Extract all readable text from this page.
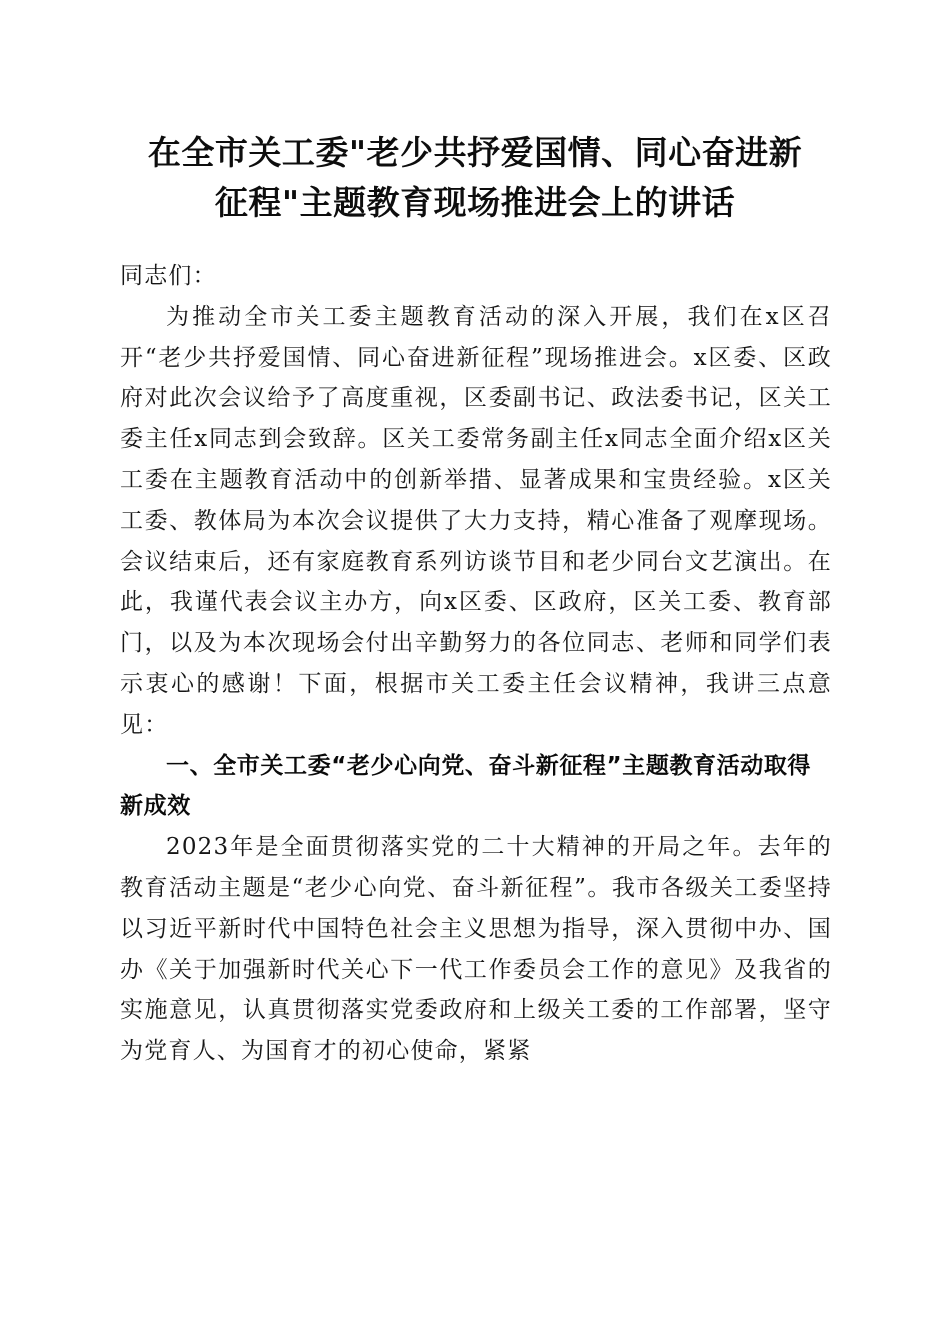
在全市关工委"老少共抒爱国情、同心奋进新
征程"主题教育现场推进会上的讲话

同志们：

为推动全市关工委主题教育活动的深入开展，我们在x区召开“老少共抒爱国情、同心奋进新征程”现场推进会。x区委、区政府对此次会议给予了高度重视，区委副书记、政法委书记，区关工委主任x同志到会致辞。区关工委常务副主任x同志全面介绍x区关工委在主题教育活动中的创新举措、显著成果和宝贵经验。x区关工委、教体局为本次会议提供了大力支持，精心准备了观摩现场。会议结束后，还有家庭教育系列访谈节目和老少同台文艺演出。在此，我谨代表会议主办方，向x区委、区政府，区关工委、教育部门，以及为本次现场会付出辛勤努力的各位同志、老师和同学们表示衷心的感谢！下面，根据市关工委主任会议精神，我讲三点意见：

一、全市关工委“老少心向党、奋斗新征程”主题教育活动取得新成效

2023年是全面贯彻落实党的二十大精神的开局之年。去年的教育活动主题是“老少心向党、奋斗新征程”。我市各级关工委坚持以习近平新时代中国特色社会主义思想为指导，深入贯彻中办、国办《关于加强新时代关心下一代工作委员会工作的意见》及我省的实施意见，认真贯彻落实党委政府和上级关工委的工作部署，坚守为党育人、为国育才的初心使命，紧紧
